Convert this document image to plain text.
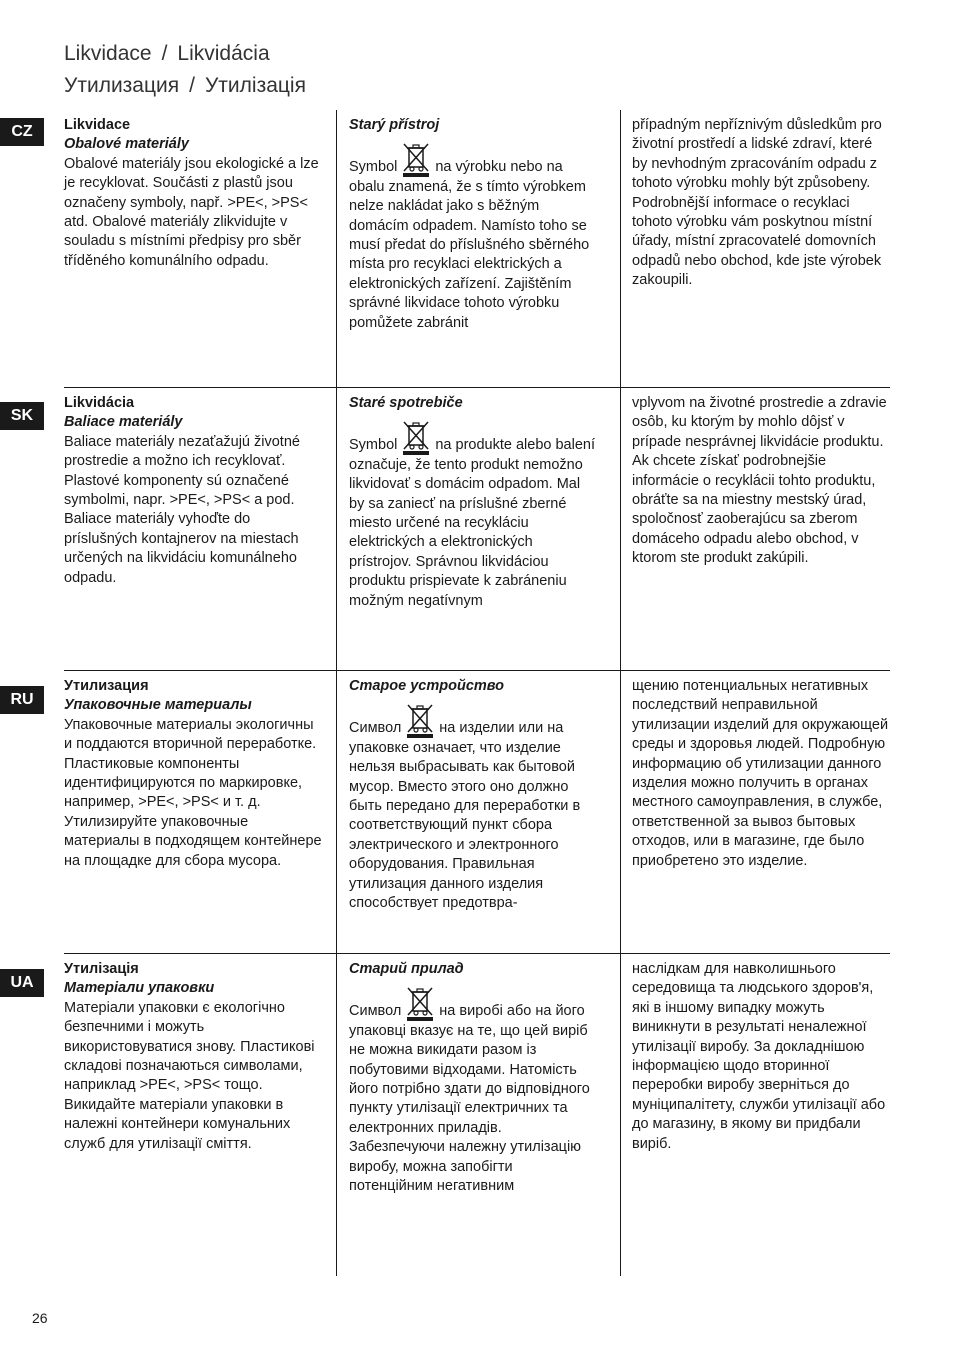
Likvidace / Likvidácia
Утилизация / Утилізація
CZ	Likvidace
Obalové materiály

Obalové materiály jsou ekologické a lze je recyklovat. Součásti z plastů jsou označeny symboly, např. >PE<, >PS< atd. Obalové materiály zlikvidujte v souladu s místními předpisy pro sběr tříděného komunálního odpadu.

Starý přístroj

Symbol	na výrobku nebo na obalu znamená, že s tímto výrobkem nelze nakládat jako s běžným domácím odpadem. Namísto toho se musí předat do příslušného sběrného místa pro recyklaci elektrických a elektronických zařízení. Zajištěním správné likvidace tohoto výrobku pomůžete zabránit

případným nepříznivým důsledkům pro životní prostředí a lidské zdraví, které by nevhodným zpracováním odpadu z tohoto výrobku mohly být způsobeny. Podrobnější informace o recyklaci tohoto výrobku vám poskytnou místní úřady, místní zpracovatelé domovních odpadů nebo obchod, kde jste výrobek zakoupili.

SK
Likvidácia
Baliace materiály

Baliace materiály nezaťažujú životné prostredie a možno ich recyklovať. Plastové komponenty sú označené symbolmi, napr. >PE<, >PS< a pod. Baliace materiály vyhoďte do príslušných kontajnerov na miestach určených na likvidáciu komunálneho odpadu.

Staré spotrebiče

Symbol	na produkte alebo balení označuje, že tento produkt nemožno likvidovať s domácim odpadom. Mal by sa zanieсť na príslušné zberné miesto určené na recykláciu elektrických a elektronických prístrojov. Správnou likvidáciou produktu prispievate k zabráneniu možným negatívnym

vplyvom na životné prostredie a zdravie osôb, ku ktorým by mohlo dôjsť v prípade nesprávnej likvidácie produktu. Ak chcete získať podrobnejšie informácie o recyklácii tohto produktu, obráťte sa na miestny mestský úrad, spoločnosť zaoberajúcu sa zberom domáceho odpadu alebo obchod, v ktorom ste produkt zakúpili.

RU
Утилизация
Упаковочные материалы

Упаковочные материалы экологичны и поддаются вторичной переработке. Пластиковые компоненты идентифицируются по маркировке, например, >PE<, >PS< и т. д. Утилизируйте упаковочные материалы в подходящем контейнере на площадке для сбора мусора.

Старое устройство

Символ	на изделии или на упаковке означает, что изделие нельзя выбрасывать как бытовой мусор. Вместо этого оно должно быть передано для переработки в соответствующий пункт сбора электрического и электронного оборудования. Правильная утилизация данного изделия способствует предотвра-

щению потенциальных негативных последствий неправильной утилизации изделий для окружающей среды и здоровья людей. Подробную информацию об утилизации данного изделия можно получить в органах местного самоуправления, в службе, ответственной за вывоз бытовых отходов, или в магазине, где было приобретено это изделие.

UA
Утилізація
Матеріали упаковки

Матеріали упаковки є екологічно безпечними і можуть використовуватися знову. Пластикові складові позначаються символами, наприклад >PE<, >PS< тощо. Викидайте матеріали упаковки в належні контейнери комунальних служб для утилізації сміття.

Старий прилад

Символ	на виробі або на його упаковці вказує на те, що цей виріб не можна викидати разом із побутовими відходами. Натомість його потрібно здати до відповідного пункту утилізації електричних та електронних приладів. Забезпечуючи належну утилізацію виробу, можна запобігти потенційним негативним

наслідкам для навколишнього середовища та людського здоров'я, які в іншому випадку можуть виникнути в результаті неналежної утилізації виробу. За докладнішою інформацією щодо вторинної переробки виробу зверніться до муніципалітету, служби утилізації або до магазину, в якому ви придбали виріб.

26
